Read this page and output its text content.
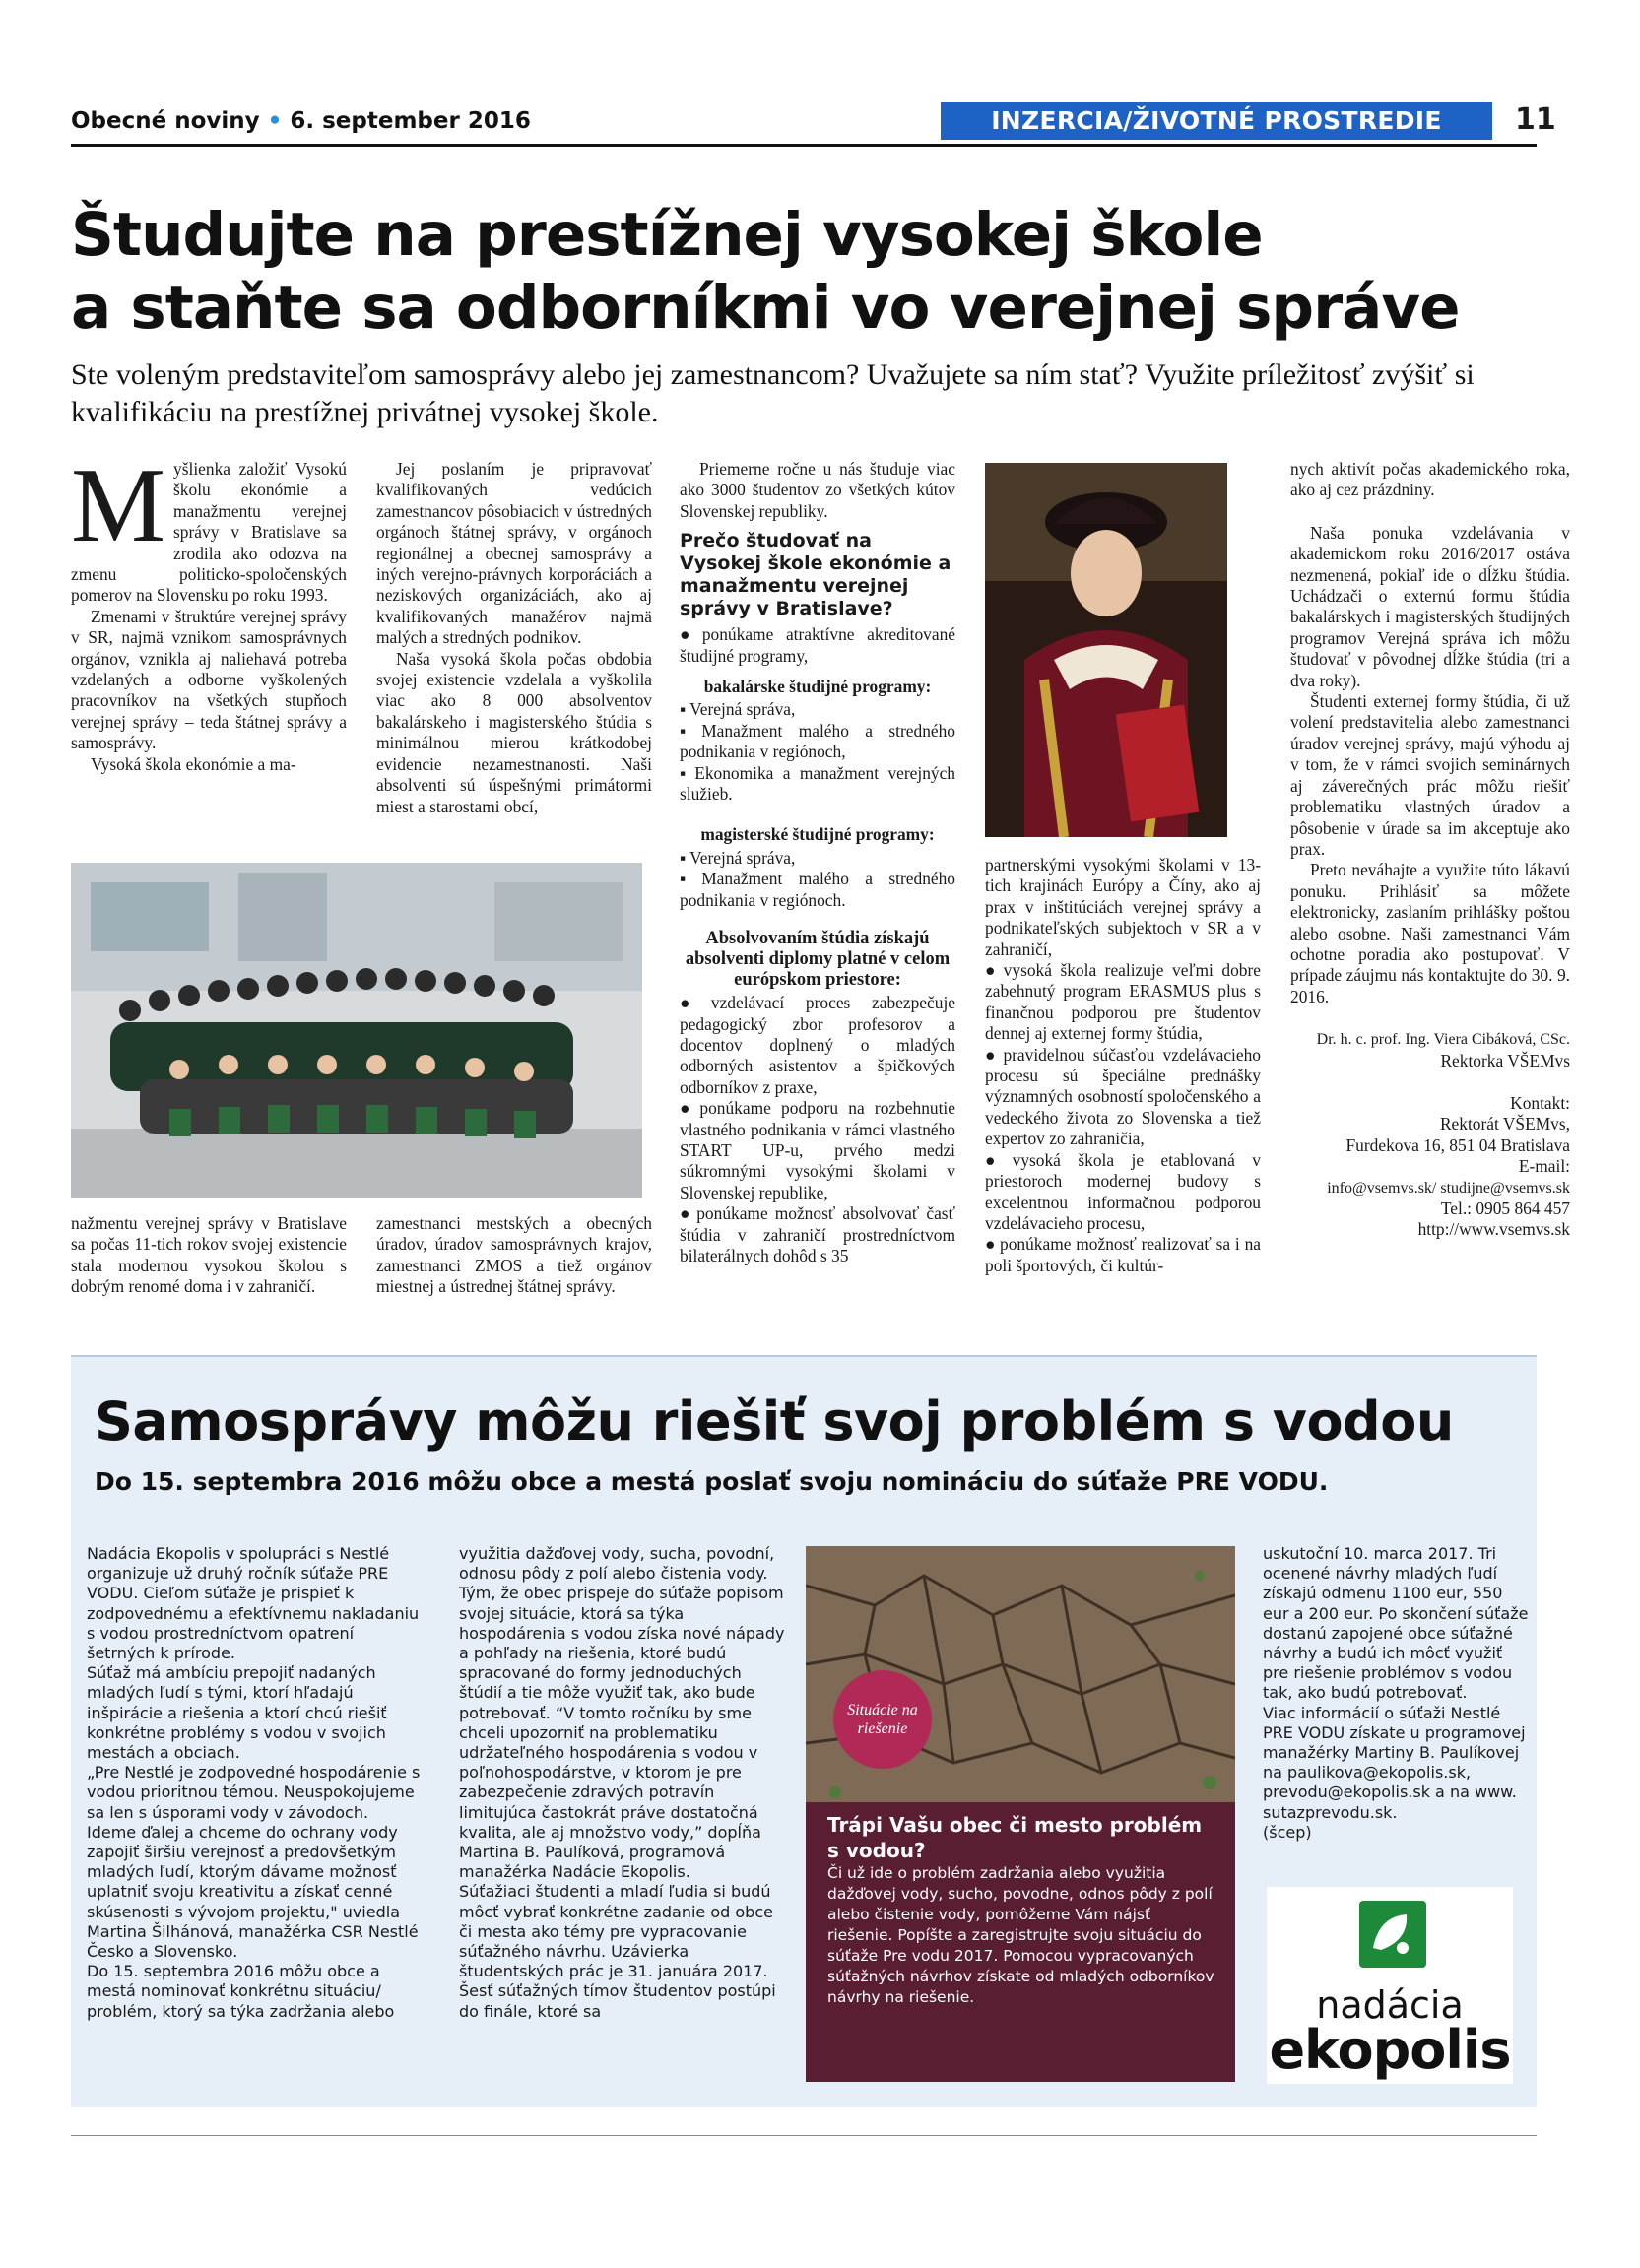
Obecné noviny • 6. september 2016	INZERCIA/ŽIVOTNÉ PROSTREDIE	11
Študujte na prestížnej vysokej škole
a staňte sa odborníkmi vo verejnej správe
Ste voleným predstaviteľom samosprávy alebo jej zamestnancom? Uvažujete sa ním stať? Využite príležitosť zvýšiť si kvalifikáciu na prestížnej privátnej vysokej škole.
M yšlienka založiť Vysokú školu ekonómie a manažmentu verejnej správy v Bratislave sa zrodila ako odozva na zmenu politicko-spoločenských pomerov na Slovensku po roku 1993.

Zmenami v štruktúre verejnej správy v SR, najmä vznikom samosprávnych orgánov, vznikla aj naliehavá potreba vzdelaných a odborne vyškolených pracovníkov na všetkých stupňoch verejnej správy – teda štátnej správy a samosprávy.

Vysoká škola ekonómie a ma-

Jej poslaním je pripravovať kvalifikovaných vedúcich zamestnancov pôsobiacich v ústredných orgánoch štátnej správy, v orgánoch regionálnej a obecnej samosprávy a iných verejno-právnych korporáciách a neziskových organizáciách, ako aj kvalifikovaných manažérov najmä malých a stredných podnikov.

Naša vysoká škola počas obdobia svojej existencie vzdelala a vyškolila viac ako 8 000 absolventov bakalárskeho i magisterského štúdia s minimálnou mierou krátkodobej evidencie nezamestnanosti. Naši absolventi sú úspešnými primátormi miest a starostami obcí,

nažmentu verejnej správy v Bratislave sa počas 11-tich rokov svojej existencie stala modernou vysokou školou s dobrým renomé doma i v zahraničí.

zamestnanci mestských a obecných úradov, úradov samosprávnych krajov, zamestnanci ZMOS a tiež orgánov miestnej a ústrednej štátnej správy.

Priemerne ročne u nás študuje viac ako 3000 študentov zo všetkých kútov Slovenskej republiky.

Prečo študovať na Vysokej škole ekonómie a manažmentu verejnej správy v Bratislave?

● ponúkame atraktívne akreditované študijné programy,

bakalárske študijné programy:

▪ Verejná správa,

▪ Manažment malého a stredného podnikania v regiónoch,

▪ Ekonomika a manažment verejných služieb.

magisterské študijné programy:

▪ Verejná správa,

▪ Manažment malého a stredného podnikania v regiónoch.

Absolvovaním štúdia získajú absolventi diplomy platné v celom európskom priestore:

● vzdelávací proces zabezpečuje pedagogický zbor profesorov a docentov doplnený o mladých odborných asistentov a špičkových odborníkov z praxe,

● ponúkame podporu na rozbehnutie vlastného podnikania v rámci vlastného START UP-u, prvého medzi súkromnými vysokými školami v Slovenskej republike,

● ponúkame možnosť absolvovať časť štúdia v zahraničí prostredníctvom bilaterálnych dohôd s 35

partnerskými vysokými školami v 13-tich krajinách Európy a Číny, ako aj prax v inštitúciách verejnej správy a podnikateľských subjektoch v SR a v zahraničí,

● vysoká škola realizuje veľmi dobre zabehnutý program ERASMUS plus s finančnou podporou pre študentov dennej aj externej formy štúdia,

● pravidelnou súčasťou vzdelávacieho procesu sú špeciálne prednášky významných osobností spoločenského a vedeckého života zo Slovenska a tiež expertov zo zahraničia,

● vysoká škola je etablovaná v priestoroch modernej budovy s excelentnou informačnou podporou vzdelávacieho procesu,

● ponúkame možnosť realizovať sa i na poli športových, či kultúr-

nych aktivít počas akademického roka, ako aj cez prázdniny.

Naša ponuka vzdelávania v akademickom roku 2016/2017 ostáva nezmenená, pokiaľ ide o dĺžku štúdia. Uchádzači o externú formu štúdia bakalárskych i magisterských študijných programov Verejná správa ich môžu študovať v pôvodnej dĺžke štúdia (tri a dva roky).

Študenti externej formy štúdia, či už volení predstavitelia alebo zamestnanci úradov verejnej správy, majú výhodu aj v tom, že v rámci svojich seminárnych aj záverečných prác môžu riešiť problematiku vlastných úradov a pôsobenie v úrade sa im akceptuje ako prax.

Preto neváhajte a využite túto lákavú ponuku. Prihlásiť sa môžete elektronicky, zaslaním prihlášky poštou alebo osobne. Naši zamestnanci Vám ochotne poradia ako postupovať. V prípade záujmu nás kontaktujte do 30. 9. 2016.

Dr. h. c. prof. Ing. Viera Cibáková, CSc.

Rektorka VŠEMvs

Kontakt:

Rektorát VŠEMvs,

Furdekova 16, 851 04 Bratislava

E-mail:

info@vsemvs.sk/ studijne@vsemvs.sk

Tel.: 0905 864 457

http://www.vsemvs.sk

Samosprávy môžu riešiť svoj problém s vodou
Do 15. septembra 2016 môžu obce a mestá poslať svoju nomináciu do súťaže PRE VODU.

Nadácia Ekopolis v spolupráci s Nestlé organizuje už druhý ročník súťaže PRE VODU. Cieľom súťaže je prispieť k zodpovednému a efektívnemu nakladaniu s vodou prostredníctvom opatrení šetrných k prírode.

Súťaž má ambíciu prepojiť nadaných mladých ľudí s tými, ktorí hľadajú inšpirácie a riešenia a ktorí chcú riešiť konkrétne problémy s vodou v svojich mestách a obciach.

„Pre Nestlé je zodpovedné hospodárenie s vodou prioritnou témou. Neuspokojujeme sa len s úsporami vody v závodoch. Ideme ďalej a chceme do ochrany vody zapojiť širšiu verejnosť a predovšetkým mladých ľudí, ktorým dávame možnosť uplatniť svoju kreativitu a získať cenné skúsenosti s vývojom projektu," uviedla Martina Šilhánová, manažérka CSR Nestlé Česko a Slovensko.

Do 15. septembra 2016 môžu obce a mestá nominovať konkrétnu situáciu/ problém, ktorý sa týka zadržania alebo

využitia dažďovej vody, sucha, povodní, odnosu pôdy z polí alebo čistenia vody. Tým, že obec prispeje do súťaže popisom svojej situácie, ktorá sa týka hospodárenia s vodou získa nové nápady a pohľady na riešenia, ktoré budú spracované do formy jednoduchých štúdií a tie môže využiť tak, ako bude potrebovať. “V tomto ročníku by sme chceli upozorniť na problematiku udržateľného hospodárenia s vodou v poľnohospodárstve, v ktorom je pre zabezpečenie zdravých potravín limitujúca častokrát práve dostatočná kvalita, ale aj množstvo vody,” dopĺňa Martina B. Paulíková, programová manažérka Nadácie Ekopolis.

Súťažiaci študenti a mladí ľudia si budú môcť vybrať konkrétne zadanie od obce či mesta ako témy pre vypracovanie súťažného návrhu. Uzávierka študentských prác je 31. januára 2017. Šesť súťažných tímov študentov postúpi do finále, ktoré sa

Situácie na riešenie
Trápi Vašu obec či mesto problém s vodou?
Či už ide o problém zadržania alebo využitia dažďovej vody, sucho, povodne, odnos pôdy z polí alebo čistenie vody, pomôžeme Vám nájsť riešenie. Popíšte a zaregistrujte svoju situáciu do súťaže Pre vodu 2017. Pomocou vypracovaných súťažných návrhov získate od mladých odborníkov návrhy na riešenie.

uskutoční 10. marca 2017. Tri ocenené návrhy mladých ľudí získajú odmenu 1100 eur, 550 eur a 200 eur. Po skončení súťaže dostanú zapojené obce súťažné návrhy a budú ich môcť využiť pre riešenie problémov s vodou tak, ako budú potrebovať.

Viac informácií o súťaži Nestlé PRE VODU získate u programovej manažérky Martiny B. Paulíkovej na paulikova@ekopolis.sk, prevodu@ekopolis.sk a na www. sutazprevodu.sk.

(šcep)

nadácia
ekopolis
